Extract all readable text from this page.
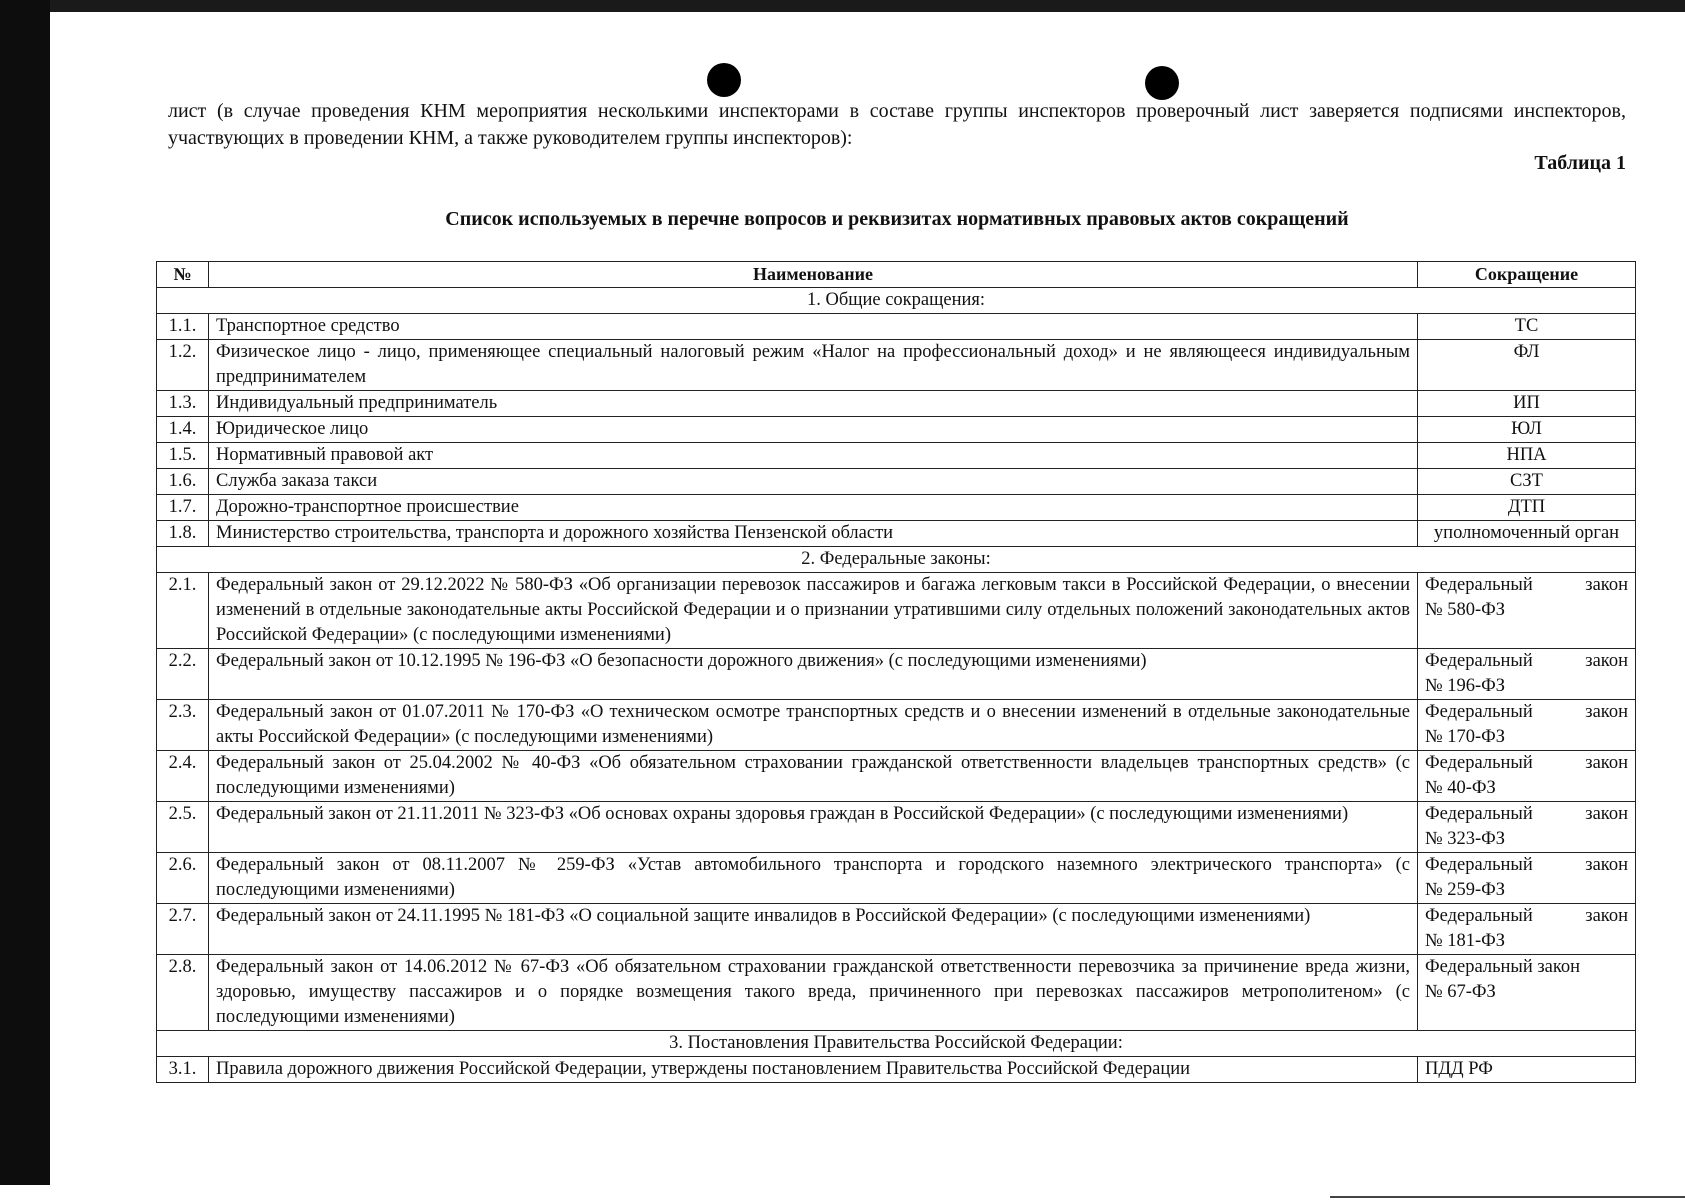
лист (в случае проведения КНМ мероприятия несколькими инспекторами в составе группы инспекторов проверочный лист заверяется подписями инспекторов, участвующих в проведении КНМ, а также руководителем группы инспекторов):
Таблица 1
Список используемых в перечне вопросов и реквизитах нормативных правовых актов сокращений
№	Наименование	Сокращение
1. Общие сокращения:		
1.1.	Транспортное средство	ТС
1.2.	Физическое лицо - лицо, применяющее специальный налоговый режим «Налог на профессиональный доход» и не являющееся индивидуальным предпринимателем	ФЛ
1.3.	Индивидуальный предприниматель	ИП
1.4.	Юридическое лицо	ЮЛ
1.5.	Нормативный правовой акт	НПА
1.6.	Служба заказа такси	СЗТ
1.7.	Дорожно-транспортное происшествие	ДТП
1.8.	Министерство строительства, транспорта и дорожного хозяйства Пензенской области	уполномоченный орган
2. Федеральные законы:		
2.1.	Федеральный закон от 29.12.2022 № 580-ФЗ «Об организации перевозок пассажиров и багажа легковым такси в Российской Федерации, о внесении изменений в отдельные законодательные акты Российской Федерации и о признании утратившими силу отдельных положений законодательных актов Российской Федерации» (с последующими изменениями)	Федеральный закон
№ 580-ФЗ

2.2.	Федеральный закон от 10.12.1995 № 196-ФЗ «О безопасности дорожного движения» (с последующими изменениями)	Федеральный закон
№ 196-ФЗ

2.3.	Федеральный закон от 01.07.2011 № 170-ФЗ «О техническом осмотре транспортных средств и о внесении изменений в отдельные законодательные акты Российской Федерации» (с последующими изменениями)	Федеральный закон
№ 170-ФЗ

2.4.	Федеральный закон от 25.04.2002 № 40-ФЗ «Об обязательном страховании гражданской ответственности владельцев транспортных средств» (с последующими изменениями)	Федеральный закон
№ 40-ФЗ

2.5.	Федеральный закон от 21.11.2011 № 323-ФЗ «Об основах охраны здоровья граждан в Российской Федерации» (с последующими изменениями)	Федеральный закон
№ 323-ФЗ

2.6.	Федеральный закон от 08.11.2007 № 259-ФЗ «Устав автомобильного транспорта и городского наземного электрического транспорта» (с последующими изменениями)	Федеральный закон
№ 259-ФЗ

2.7.	Федеральный закон от 24.11.1995 № 181-ФЗ «О социальной защите инвалидов в Российской Федерации» (с последующими изменениями)	Федеральный закон
№ 181-ФЗ

2.8.	Федеральный закон от 14.06.2012 № 67-ФЗ «Об обязательном страховании гражданской ответственности перевозчика за причинение вреда жизни, здоровью, имуществу пассажиров и о порядке возмещения такого вреда, причиненного при перевозках пассажиров метрополитеном» (с последующими изменениями)	Федеральный закон
№ 67-ФЗ

3. Постановления Правительства Российской Федерации:		
3.1.	Правила дорожного движения Российской Федерации, утверждены постановлением Правительства Российской Федерации	ПДД РФ
